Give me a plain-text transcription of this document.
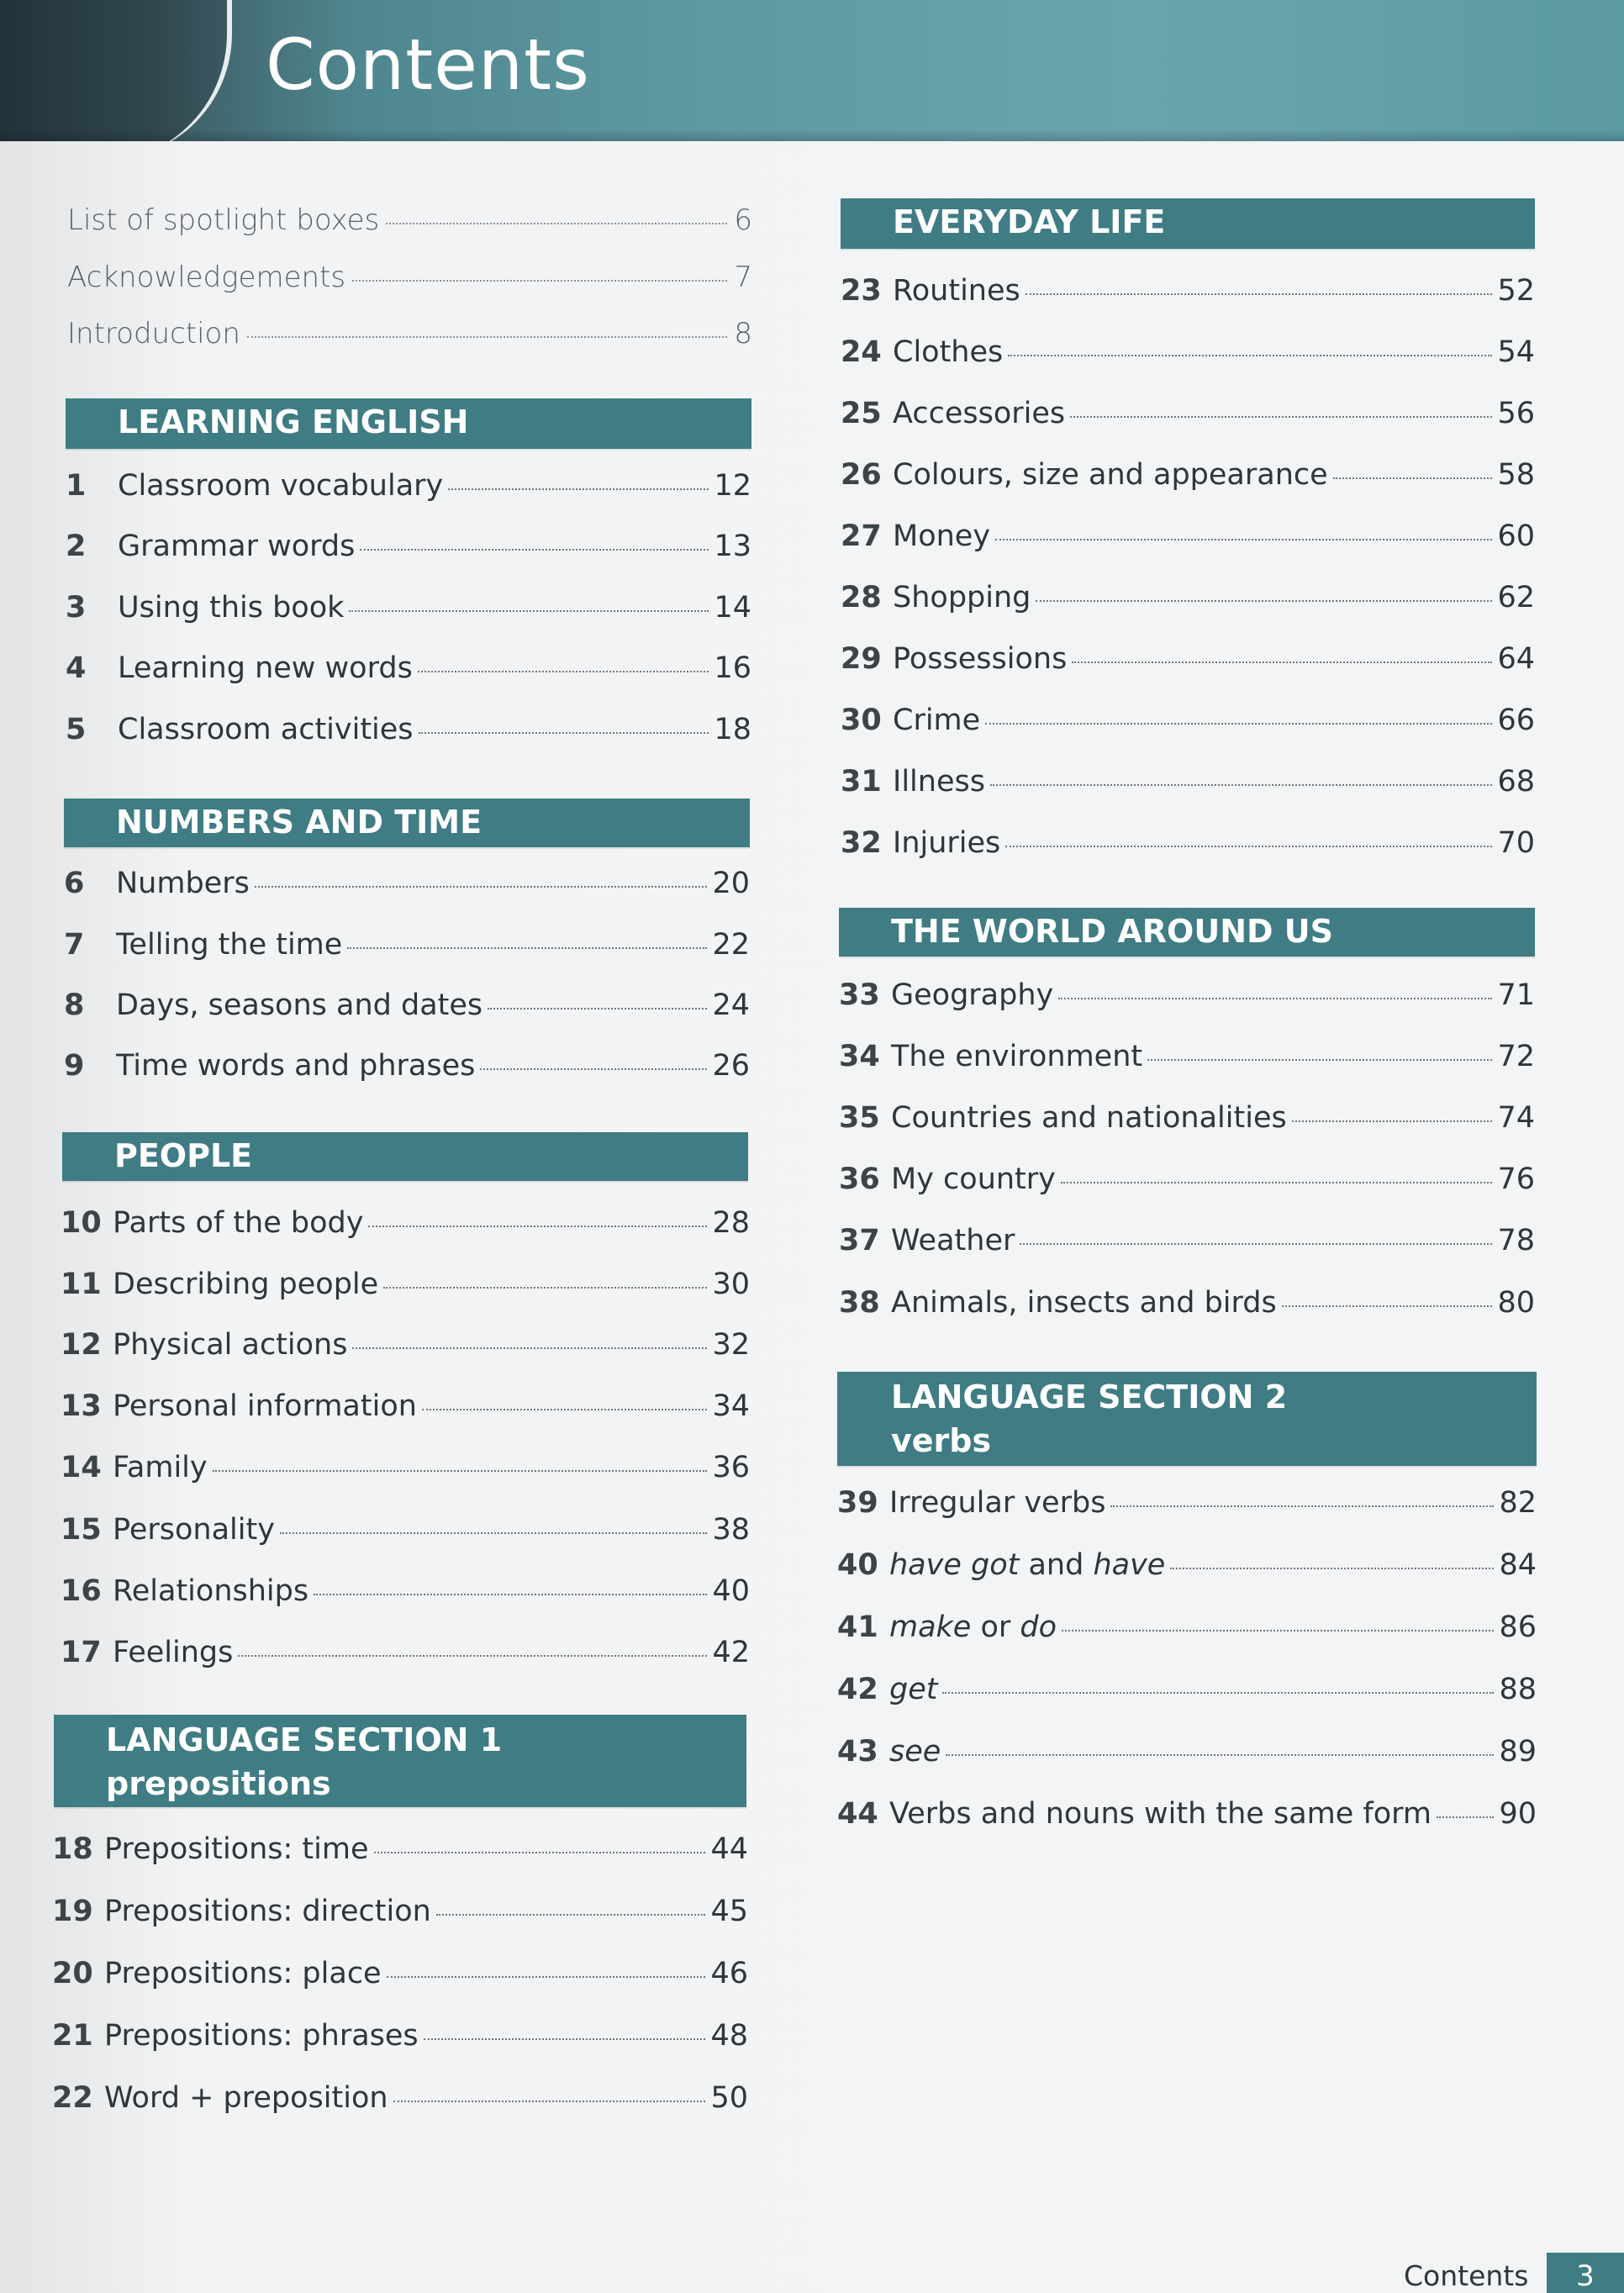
Contents
List of spotlight boxes	6
Acknowledgements	7
Introduction	8
LEARNING ENGLISH
NUMBERS AND TIME
PEOPLE
LANGUAGE SECTION 1
prepositions
EVERYDAY LIFE
THE WORLD AROUND US
LANGUAGE SECTION 2
verbs
1	Classroom vocabulary	12
2	Grammar words	13
3	Using this book	14
4	Learning new words	16
5	Classroom activities	18
6	Numbers	20
7	Telling the time	22
8	Days, seasons and dates	24
9	Time words and phrases	26
10 Parts of the body	28
11 Describing people	30
12 Physical actions	32
13 Personal information	34
14 Family	36
15 Personality	38
16 Relationships	40
17 Feelings	42
18 Prepositions: time	44
19 Prepositions: direction	45
20 Prepositions: place	46
21 Prepositions: phrases	48
22 Word + preposition	50
23 Routines	52
24 Clothes	54
25 Accessories	56
26 Colours, size and appearance	58
27 Money	60
28 Shopping	62
29 Possessions	64
30 Crime	66
31 Illness	68
32 Injuries	70
33 Geography	71
34 The environment	72
35 Countries and nationalities	74
36 My country	76
37 Weather	78
38 Animals, insects and birds	80
39 Irregular verbs	82
40 have got and have	84
41 make or do	86
42 get	88
43 see	89
44 Verbs and nouns with the same form 90
Contents	3
